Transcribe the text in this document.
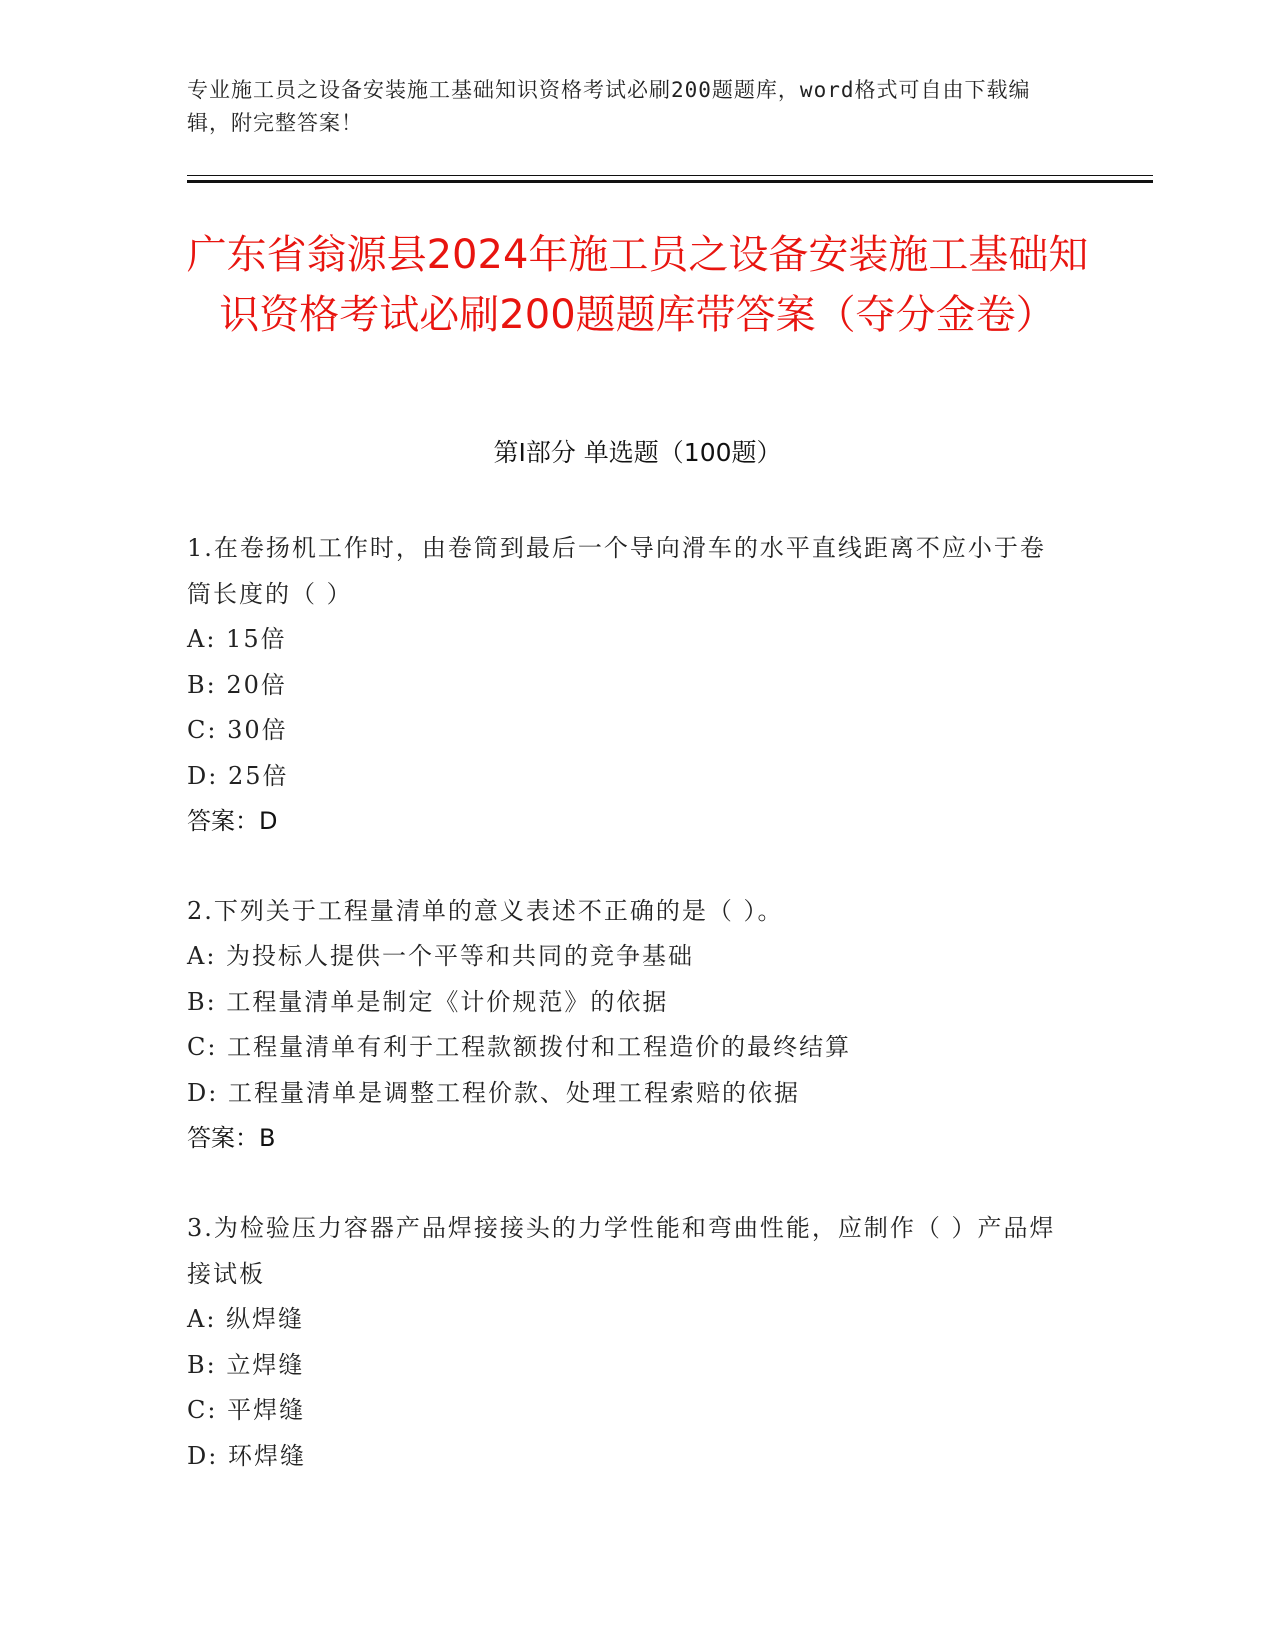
专业施工员之设备安装施工基础知识资格考试必刷200题题库，word格式可自由下载编辑，附完整答案！
广东省翁源县2024年施工员之设备安装施工基础知识资格考试必刷200题题库带答案（夺分金卷）
第I部分 单选题（100题）
1.在卷扬机工作时，由卷筒到最后一个导向滑车的水平直线距离不应小于卷筒长度的（ ）
A: 15倍
B: 20倍
C: 30倍
D: 25倍
答案：D
2.下列关于工程量清单的意义表述不正确的是（ ）。
A: 为投标人提供一个平等和共同的竞争基础
B: 工程量清单是制定《计价规范》的依据
C: 工程量清单有利于工程款额拨付和工程造价的最终结算
D: 工程量清单是调整工程价款、处理工程索赔的依据
答案：B
3.为检验压力容器产品焊接接头的力学性能和弯曲性能，应制作（ ）产品焊接试板
A: 纵焊缝
B: 立焊缝
C: 平焊缝
D: 环焊缝
